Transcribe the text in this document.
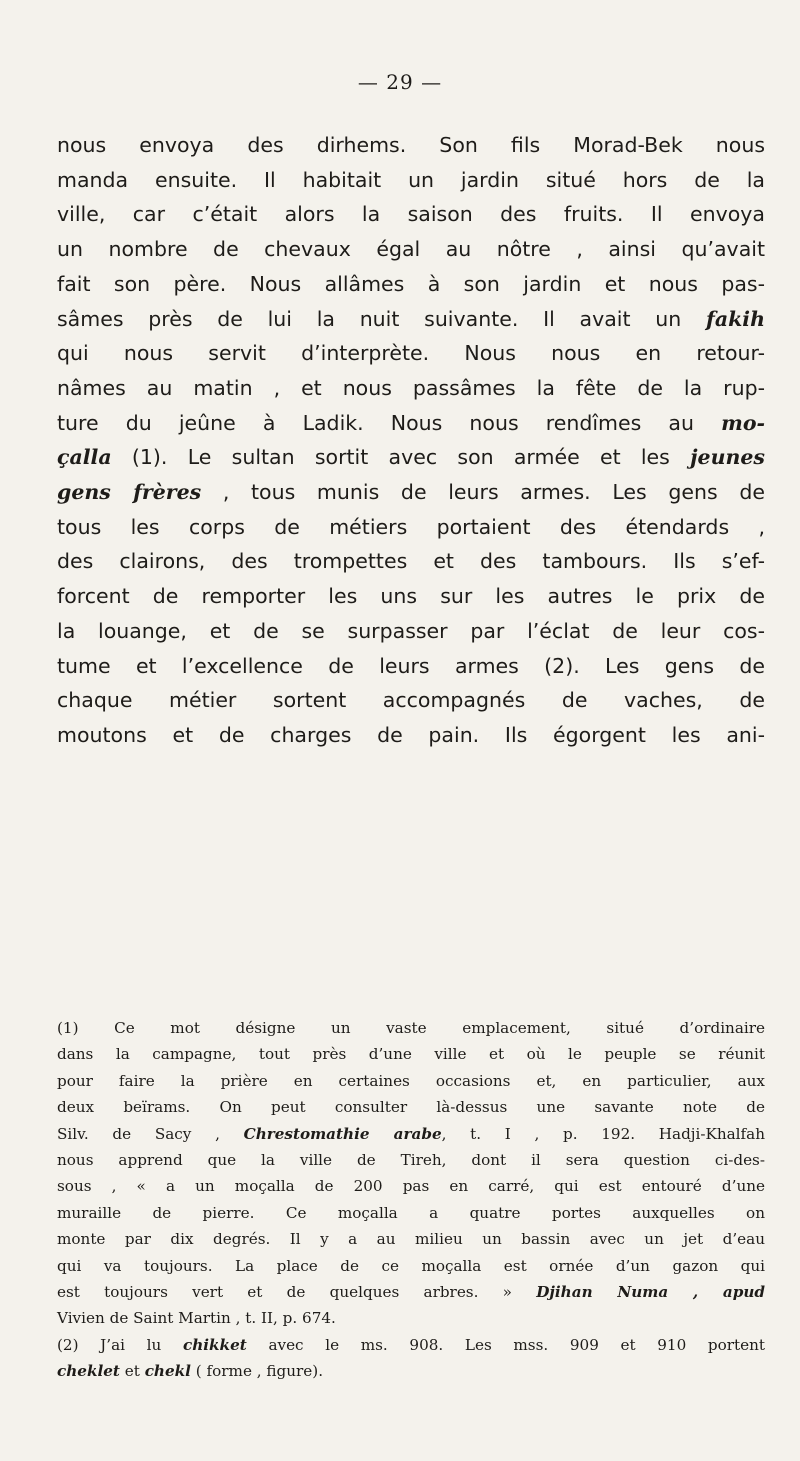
— 29 —
nous envoya des dirhems. Son fils Morad-Bek nous
manda ensuite. Il habitait un jardin situé hors de la
ville, car c’était alors la saison des fruits. Il envoya
un nombre de chevaux égal au nôtre , ainsi qu’avait
fait son père. Nous allâmes à son jardin et nous pas-
sâmes près de lui la nuit suivante. Il avait un fakih
qui nous servit d’interprète. Nous nous en retour-
nâmes au matin , et nous passâmes la fête de la rup-
ture du jeûne à Ladik. Nous nous rendîmes au mo-
çalla (1). Le sultan sortit avec son armée et les jeunes
gens frères , tous munis de leurs armes. Les gens de
tous les corps de métiers portaient des étendards ,
des clairons, des trompettes et des tambours. Ils s’ef-
forcent de remporter les uns sur les autres le prix de
la louange, et de se surpasser par l’éclat de leur cos-
tume et l’excellence de leurs armes (2). Les gens de
chaque métier sortent accompagnés de vaches, de
moutons et de charges de pain. Ils égorgent les ani-
(1) Ce mot désigne un vaste emplacement, situé d’ordinaire
dans la campagne, tout près d’une ville et où le peuple se réunit
pour faire la prière en certaines occasions et, en particulier, aux
deux beïrams. On peut consulter là-dessus une savante note de
Silv. de Sacy , Chrestomathie arabe, t. I , p. 192. Hadji-Khalfah
nous apprend que la ville de Tireh, dont il sera question ci-des-
sous , « a un moçalla de 200 pas en carré, qui est entouré d’une
muraille de pierre. Ce moçalla a quatre portes auxquelles on
monte par dix degrés. Il y a au milieu un bassin avec un jet d’eau
qui va toujours. La place de ce moçalla est ornée d’un gazon qui
est toujours vert et de quelques arbres. » Djihan Numa , apud
Vivien de Saint Martin , t. II, p. 674.
(2) J’ai lu chikket avec le ms. 908. Les mss. 909 et 910 portent
cheklet et chekl ( forme , figure).
